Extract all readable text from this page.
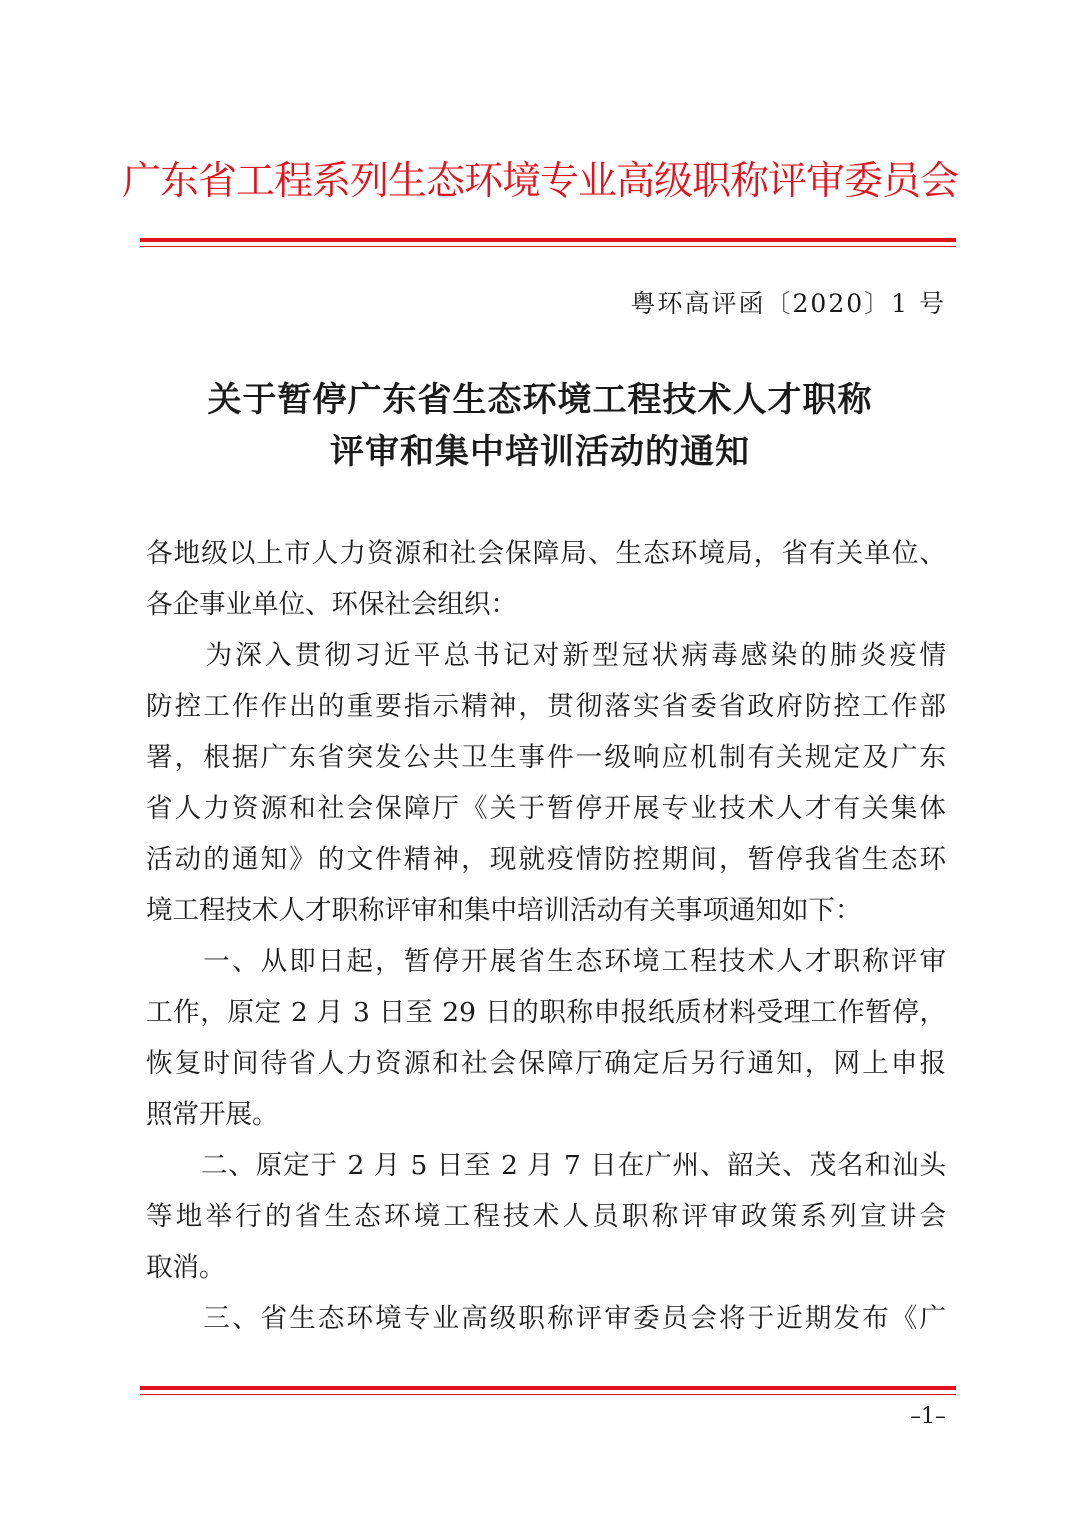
广东省工程系列生态环境专业高级职称评审委员会
粤环高评函〔2020〕1 号
关于暂停广东省生态环境工程技术人才职称
评审和集中培训活动的通知
各地级以上市人力资源和社会保障局、生态环境局，省有关单位、
各企事业单位、环保社会组织：
　　为深入贯彻习近平总书记对新型冠状病毒感染的肺炎疫情
防控工作作出的重要指示精神，贯彻落实省委省政府防控工作部
署，根据广东省突发公共卫生事件一级响应机制有关规定及广东
省人力资源和社会保障厅《关于暂停开展专业技术人才有关集体
活动的通知》的文件精神，现就疫情防控期间，暂停我省生态环
境工程技术人才职称评审和集中培训活动有关事项通知如下：
　　一、从即日起，暂停开展省生态环境工程技术人才职称评审
工作，原定 2 月 3 日至 29 日的职称申报纸质材料受理工作暂停，
恢复时间待省人力资源和社会保障厅确定后另行通知，网上申报
照常开展。
　　二、原定于 2 月 5 日至 2 月 7 日在广州、韶关、茂名和汕头
等地举行的省生态环境工程技术人员职称评审政策系列宣讲会
取消。
　　三、省生态环境专业高级职称评审委员会将于近期发布《广
–1–
